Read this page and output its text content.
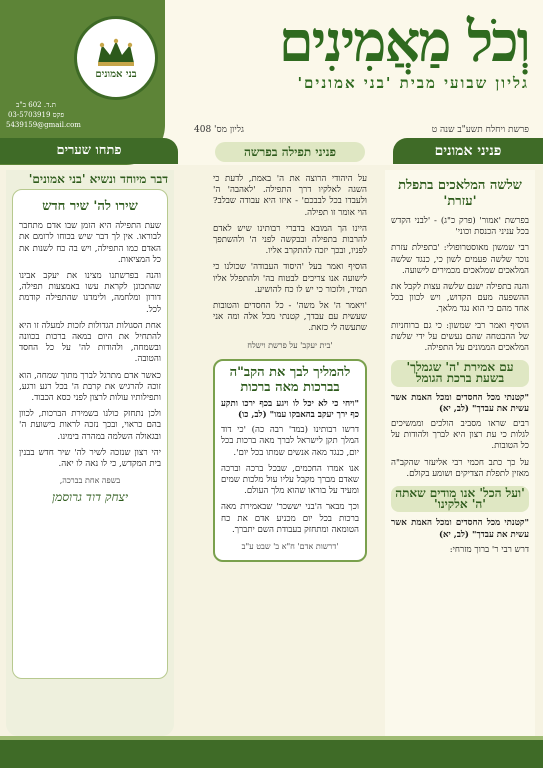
בני אמונים
ת.ד. 602 ב"ב
פקס 03-5703919
5439159@gmail.com
וְכֹל מַאֲמִינִים
גליון שבועי מבית 'בני אמונים'
פרשת ויחלח תשע"ב שנה ט
גליון מס' 408
פניני אמונים
פניני תפילה בפרשה
פתחו שערים
שלשה המלאכים בתפלת 'עזרת'

בפרשת 'אמור' (פרק כ"ג) - 'לבני הקדש בכל עניני הכנסת וכוני'

רבי שמשון מאוסטרופולי: 'בתפילת עזרת נוכר שלשה פעמים לשון כי, כנגד שלשה המלאכים שמלאכים מכמירים לישועה.

והנה בתפילה ישנם שלשה עצות לקבל את ההשפעה מעם הקדוש, ויש לכוון בכל אחד מהם כי הוא נגד מלאך.

הוסיף ואמר רבי שמשון: כי גם ברוחניות של ההבטחה שהם נעשים על ידי שלשת המלאכים הממונים על התפילה.

עם אמירת 'ה' שגמלך' בשעת ברכת הגומל

"קטנתי מכל החסדים ומכל האמת אשר עשית את עבדך" (לב, יא)

רבים שראו מסביב הולכים וממשיכים לגלות כי עת רצון היא לברך ולהודות על כל הטובות.

על כך כתב חכמי רבי אליעזר שהקב"ה מאזין לתפלת הצדיקים ושומע בקולם.

'ועל הכל' אנו מודים שאתה 'ה' אלקינו'

"קטנתי מכל החסדים ומכל האמת אשר עשית את עבדך" (לב, יא)

דרש רבי ר' ברוך מזרחי:

על היהודי הרוצה את ה' באמת, לדעת כי השגה לאלקיו דרך התפילה. 'לאהבה' ה' ולעבדו בכל לבבכם' - איזו היא עבודה שבלב? הוי אומר זו תפילה.

היינו הך המובא בדברי רבותינו שיש לאדם להרבות בתפילה ובבקשה לפני ה' ולהשתפך לפניו, ובכך יזכה להתקרב אליו.

הוסיף ואמר בעל 'היסוד העבודה' שכולנו כי לישועה אנו צריכים לבטוח בה' ולהתפלל אליו תמיד, ולזכור כי יש לו כח להושיע.

'ויאמר ה' אל משה' - כל החסדים והטובות שעשית עם עבדך, קטנתי מכל אלה ומה אני שתעשה לי כזאת.

'בית יעקב' על פרשת וישלח
להמליך לבך את הקב"ה בברכות מאה ברכות

"ויחי כי לא יכל לו ויגע בכף ירכו ותקע כף ירך יעקב בהאבקו עמו" (לב, כו)

דרשו רבותינו (במד' רבה כה) 'כי דוד המלך תקן לישראל לברך מאה ברכות בכל יום, כנגד מאה אנשים שמתו בכל יום'.

אנו אמרו החכמים, שבכל ברכה וברכה שאדם מברך מקבל עליו עול מלכות שמים ומעיד על בוראו שהוא מלך העולם.

וכך מבאר ה'בני יששכר' שבאמירת מאה ברכות בכל יום מכניע אדם את כח הטומאה ומתחזק בעבודת השם יתברך.

'דרשות אדם' ח"א ב' שבט ע"ב
דבר מיוחד ונשיא 'בני אמונים'
שירו לה' שיר חדש

שעת התפילה היא הזמן שבו אדם מתחבר לבוראו. אין לך דבר שיש בכוחו לרומם את האדם כמו התפילה, ויש בה כח לשנות את כל המציאות.

והנה בפרשתנו מצינו את יעקב אבינו שהתכונן לקראת עשו באמצעות תפילה, דורון ומלחמה, ולימדנו שהתפילה קודמת לכל.

אחת הסגולות הגדולות לזכות למעלה זו היא להתחיל את היום במאה ברכות בכוונה ובשמחה, ולהודות לה' על כל החסד והטובה.

כאשר אדם מתרגל לברך מתוך שמחה, הוא זוכה להרגיש את קרבת ה' בכל רגע ורגע, ותפילותיו עולות לרצון לפני כסא הכבוד.

ולכן נתחזק כולנו בשמירת הברכות, לכוון בהם כראוי, ובכך נזכה לראות בישועת ה' ובגאולה השלמה במהרה בימינו.

יהי רצון שנזכה לשיר לה' שיר חדש בבנין בית המקדש, כי לו נאה לו יאה.

בשפה אחת בברכה,
יצחק דוד גרוסמן
